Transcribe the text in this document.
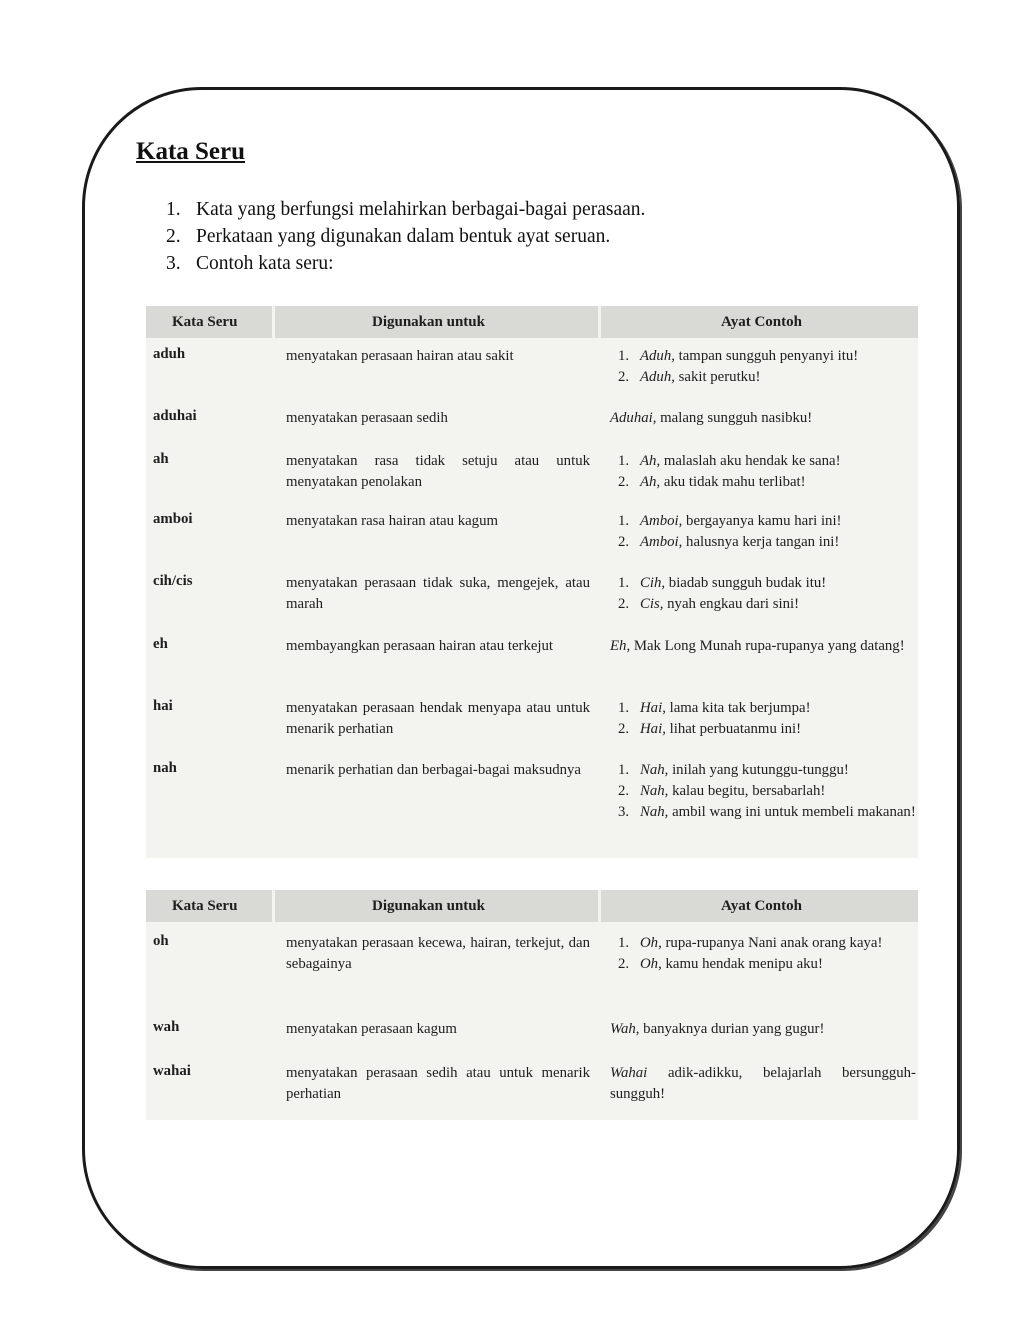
Kata Seru
1. Kata yang berfungsi melahirkan berbagai-bagai perasaan.
2. Perkataan yang digunakan dalam bentuk ayat seruan.
3. Contoh kata seru:
Kata Seru	Digunakan untuk	Ayat Contoh
aduh	menyatakan perasaan hairan atau sakit	1. Aduh, tampan sungguh penyanyi itu!
2. Aduh, sakit perutku!
aduhai	menyatakan perasaan sedih	Aduhai, malang sungguh nasibku!
ah	menyatakan rasa tidak setuju atau untuk menyatakan penolakan
1. Ah, malaslah aku hendak ke sana!
2. Ah, aku tidak mahu terlibat!
amboi	menyatakan rasa hairan atau kagum	1. Amboi, bergayanya kamu hari ini!
2. Amboi, halusnya kerja tangan ini!
cih/cis	menyatakan perasaan tidak suka, mengejek, atau marah
1. Cih, biadab sungguh budak itu!
2. Cis, nyah engkau dari sini!
eh	membayangkan perasaan hairan atau terkejut	Eh, Mak Long Munah rupa-rupanya yang datang!
hai	menyatakan perasaan hendak menyapa atau untuk menarik perhatian
1. Hai, lama kita tak berjumpa!
2. Hai, lihat perbuatanmu ini!
nah	menarik perhatian dan berbagai-bagai maksudnya	1. Nah, inilah yang kutunggu-tunggu!
2. Nah, kalau begitu, bersabarlah!
3. Nah, ambil wang ini untuk membeli makanan!
Kata Seru	Digunakan untuk	Ayat Contoh
oh	menyatakan perasaan kecewa, hairan, terkejut, dan sebagainya
1. Oh, rupa-rupanya Nani anak orang kaya!
2. Oh, kamu hendak menipu aku!
wah	menyatakan perasaan kagum	Wah, banyaknya durian yang gugur!
wahai	menyatakan perasaan sedih atau untuk menarik perhatian
Wahai adik-adikku, belajarlah bersungguh-sungguh!
